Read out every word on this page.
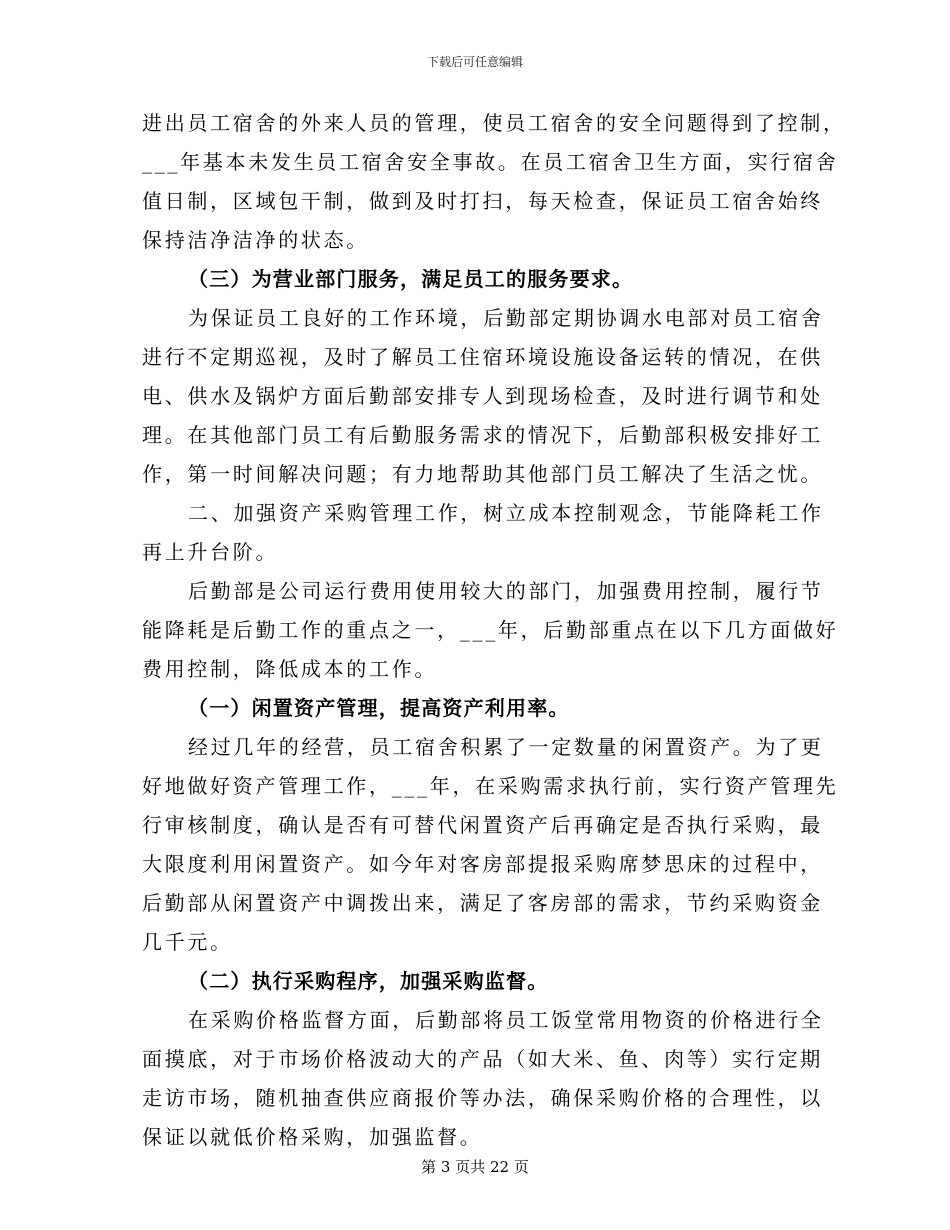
下载后可任意编辑

进出员工宿舍的外来人员的管理，使员工宿舍的安全问题得到了控制，
___年基本未发生员工宿舍安全事故。在员工宿舍卫生方面，实行宿舍
值日制，区域包干制，做到及时打扫，每天检查，保证员工宿舍始终
保持洁净洁净的状态。

（三）为营业部门服务，满足员工的服务要求。

为保证员工良好的工作环境，后勤部定期协调水电部对员工宿舍
进行不定期巡视，及时了解员工住宿环境设施设备运转的情况，在供
电、供水及锅炉方面后勤部安排专人到现场检查，及时进行调节和处
理。在其他部门员工有后勤服务需求的情况下，后勤部积极安排好工
作，第一时间解决问题；有力地帮助其他部门员工解决了生活之忧。

二、加强资产采购管理工作，树立成本控制观念，节能降耗工作
再上升台阶。

后勤部是公司运行费用使用较大的部门，加强费用控制，履行节
能降耗是后勤工作的重点之一，___年，后勤部重点在以下几方面做好
费用控制，降低成本的工作。

（一）闲置资产管理，提高资产利用率。

经过几年的经营，员工宿舍积累了一定数量的闲置资产。为了更
好地做好资产管理工作，___年，在采购需求执行前，实行资产管理先
行审核制度，确认是否有可替代闲置资产后再确定是否执行采购，最
大限度利用闲置资产。如今年对客房部提报采购席梦思床的过程中，
后勤部从闲置资产中调拨出来，满足了客房部的需求，节约采购资金
几千元。

（二）执行采购程序，加强采购监督。

在采购价格监督方面，后勤部将员工饭堂常用物资的价格进行全
面摸底，对于市场价格波动大的产品（如大米、鱼、肉等）实行定期
走访市场，随机抽查供应商报价等办法，确保采购价格的合理性，以
保证以就低价格采购，加强监督。

第 3 页共 22 页
